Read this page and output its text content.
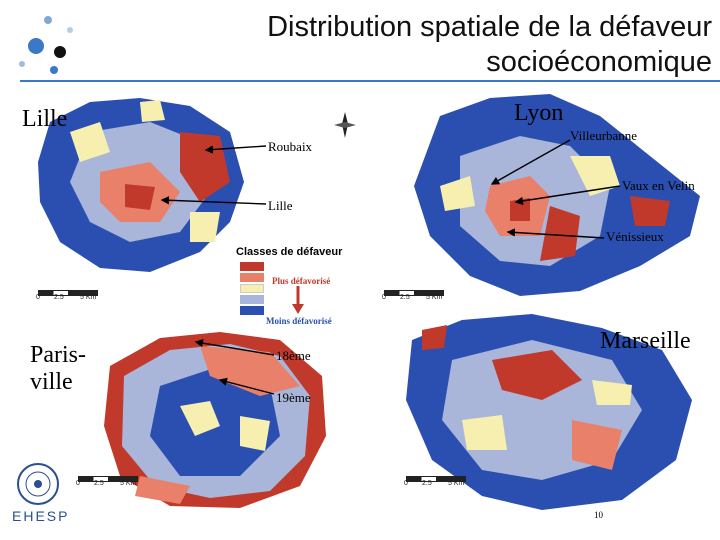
Distribution spatiale de la défaveur
socioéconomique
Lille	Lyon
Paris-
ville
Marseille
Roubaix
Lille
Villeurbanne
Vaux en Velin
Vénissieux
18ème
19ème
Classes de défaveur
Plus défavorisé
Moins défavorisé
0 2.5 5 Km	0 2.5 5 Km
0 2.5 5 Km	0 2.5 5 Km
EHESP	10
